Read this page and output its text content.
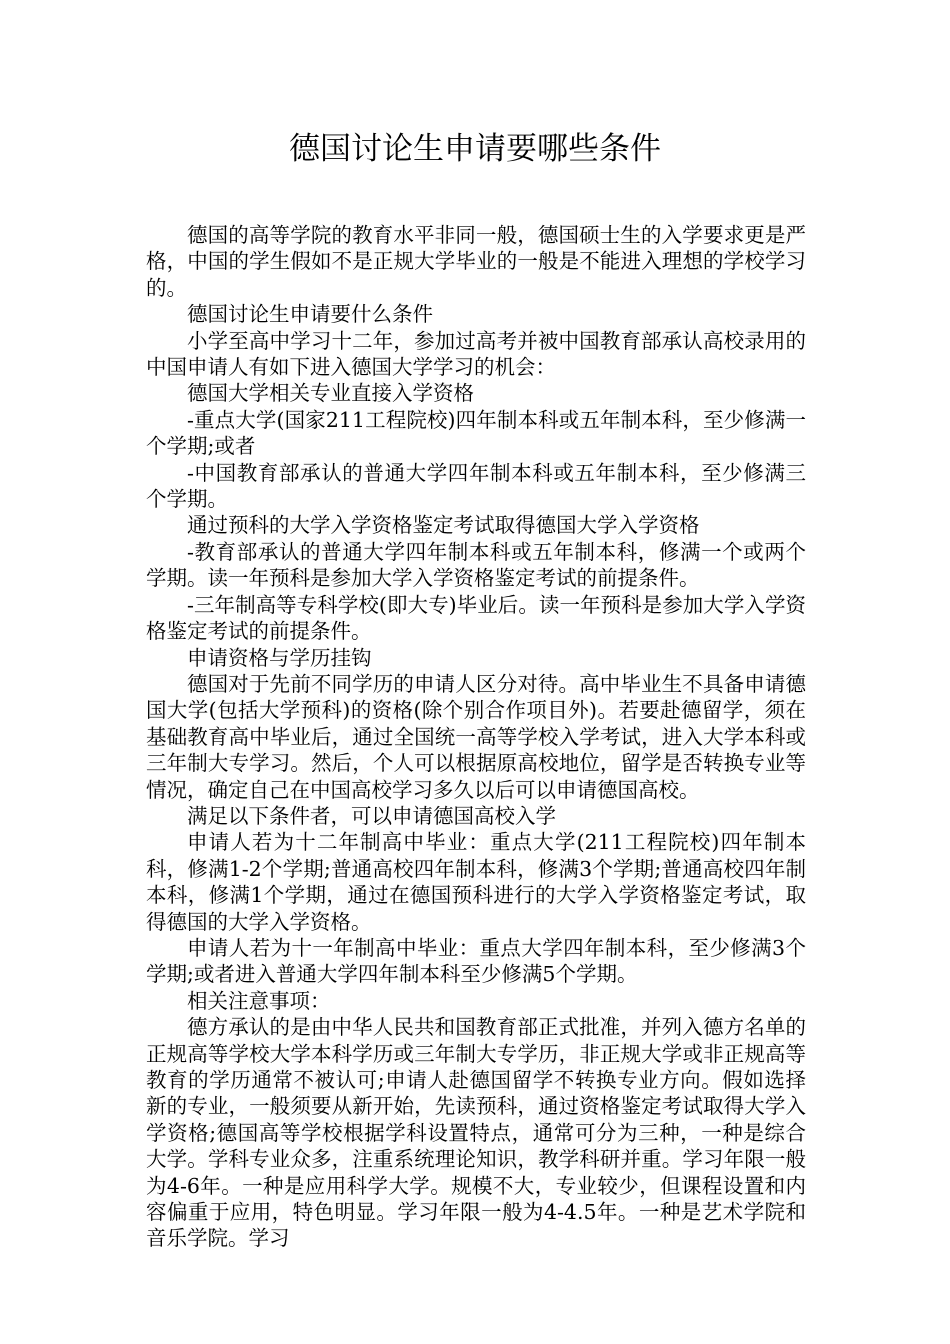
德国讨论生申请要哪些条件

德国的高等学院的教育水平非同一般，德国硕士生的入学要求更是严格，中国的学生假如不是正规大学毕业的一般是不能进入理想的学校学习的。

德国讨论生申请要什么条件

小学至高中学习十二年，参加过高考并被中国教育部承认高校录用的中国申请人有如下进入德国大学学习的机会：

德国大学相关专业直接入学资格

-重点大学(国家211工程院校)四年制本科或五年制本科，至少修满一个学期;或者

-中国教育部承认的普通大学四年制本科或五年制本科，至少修满三个学期。

通过预科的大学入学资格鉴定考试取得德国大学入学资格

-教育部承认的普通大学四年制本科或五年制本科，修满一个或两个学期。读一年预科是参加大学入学资格鉴定考试的前提条件。

-三年制高等专科学校(即大专)毕业后。读一年预科是参加大学入学资格鉴定考试的前提条件。

申请资格与学历挂钩

德国对于先前不同学历的申请人区分对待。高中毕业生不具备申请德国大学(包括大学预科)的资格(除个别合作项目外)。若要赴德留学，须在基础教育高中毕业后，通过全国统一高等学校入学考试，进入大学本科或三年制大专学习。然后，个人可以根据原高校地位，留学是否转换专业等情况，确定自己在中国高校学习多久以后可以申请德国高校。

满足以下条件者，可以申请德国高校入学

申请人若为十二年制高中毕业：重点大学(211工程院校)四年制本科，修满1-2个学期;普通高校四年制本科，修满3个学期;普通高校四年制本科，修满1个学期，通过在德国预科进行的大学入学资格鉴定考试，取得德国的大学入学资格。

申请人若为十一年制高中毕业：重点大学四年制本科，至少修满3个学期;或者进入普通大学四年制本科至少修满5个学期。

相关注意事项：

德方承认的是由中华人民共和国教育部正式批准，并列入德方名单的正规高等学校大学本科学历或三年制大专学历，非正规大学或非正规高等教育的学历通常不被认可;申请人赴德国留学不转换专业方向。假如选择新的专业，一般须要从新开始，先读预科，通过资格鉴定考试取得大学入学资格;德国高等学校根据学科设置特点，通常可分为三种，一种是综合大学。学科专业众多，注重系统理论知识，教学科研并重。学习年限一般为4-6年。一种是应用科学大学。规模不大，专业较少，但课程设置和内容偏重于应用，特色明显。学习年限一般为4-4.5年。一种是艺术学院和音乐学院。学习
